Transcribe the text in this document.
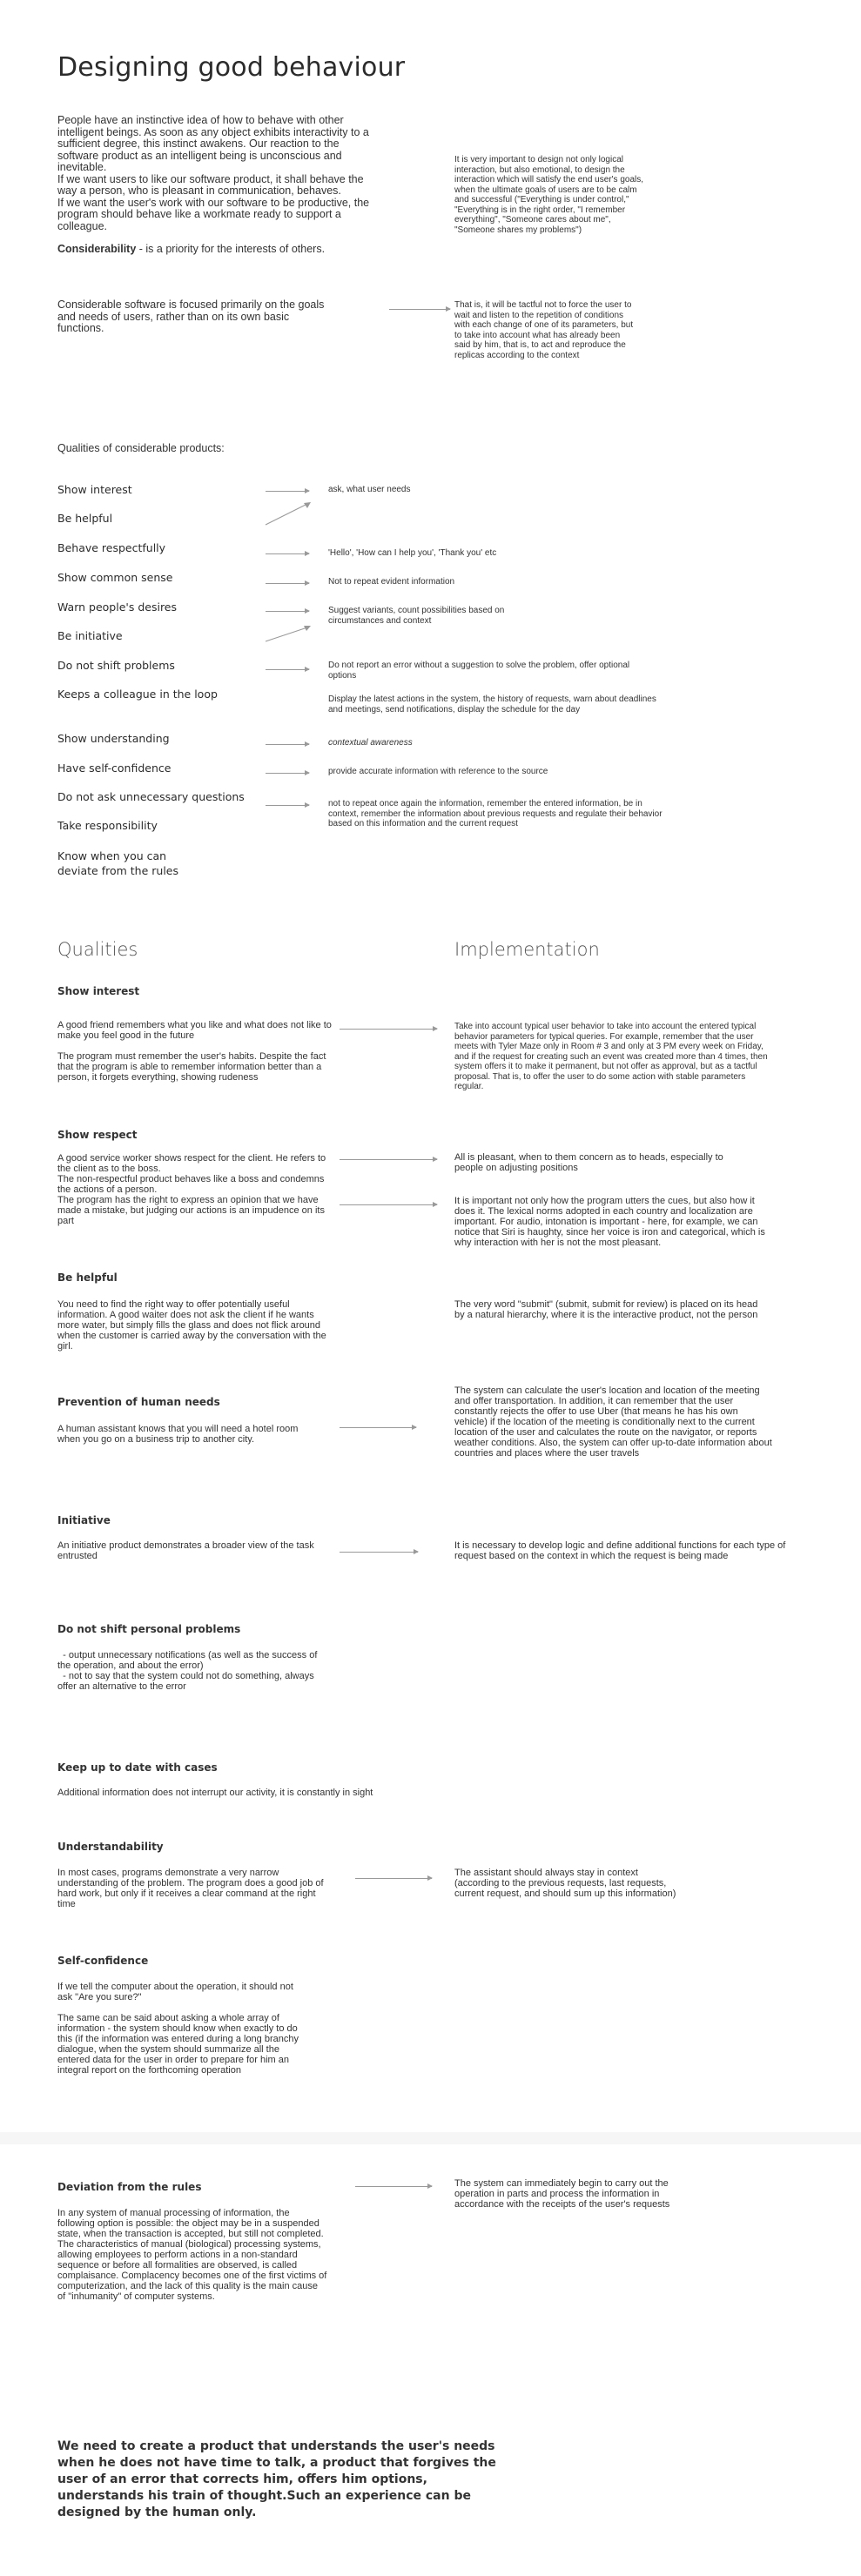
Designing good behaviour
People have an instinctive idea of how to behave with other intelligent beings. As soon as any object exhibits interactivity to a sufficient degree, this instinct awakens. Our reaction to the software product as an intelligent being is unconscious and inevitable.
If we want users to like our software product, it shall behave the way a person, who is pleasant in communication, behaves.
If we want the user's work with our software to be productive, the program should behave like a workmate ready to support a colleague.
Considerability - is a priority for the interests of others.
It is very important to design not only logical interaction, but also emotional, to design the interaction which will satisfy the end user's goals, when the ultimate goals of users are to be calm and successful ("Everything is under control," "Everything is in the right order, "I remember everything", "Someone cares about me", "Someone shares my problems")
Considerable software is focused primarily on the goals and needs of users, rather than on its own basic functions.
That is, it will be tactful not to force the user to wait and listen to the repetition of conditions with each change of one of its parameters, but to take into account what has already been said by him, that is, to act and reproduce the replicas according to the context
Qualities of considerable products:
Show interest
Be helpful
Behave respectfully
Show common sense
Warn people's desires
Be initiative
Do not shift problems
Keeps a colleague in the loop
Show understanding
Have self-confidence
Do not ask unnecessary questions
Take responsibility
Know when you can deviate from the rules
ask, what user needs
'Hello', 'How can I help you', 'Thank you' etc
Not to repeat evident information
Suggest variants, count possibilities based on circumstances and context
Do not report an error without a suggestion to solve the problem, offer optional options
Display the latest actions in the system, the history of requests, warn about deadlines and meetings, send notifications, display the schedule for the day
contextual awareness
provide accurate information with reference to the source
not to repeat once again the information, remember the entered information, be in context, remember the information about previous requests and regulate their behavior based on this information and the current request
Qualities	Implementation
Show interest
A good friend remembers what you like and what does not like to make you feel good in the future

The program must remember the user's habits. Despite the fact that the program is able to remember information better than a person, it forgets everything, showing rudeness
Take into account typical user behavior to take into account the entered typical behavior parameters for typical queries. For example, remember that the user meets with Tyler Maze only in Room # 3 and only at 3 PM every week on Friday, and if the request for creating such an event was created more than 4 times, then system offers it to make it permanent, but not offer as approval, but as a tactful proposal. That is, to offer the user to do some action with stable parameters regular.
Show respect
A good service worker shows respect for the client. He refers to the client as to the boss.
The non-respectful product behaves like a boss and condemns the actions of a person.
The program has the right to express an opinion that we have made a mistake, but judging our actions is an impudence on its part
All is pleasant, when to them concern as to heads, especially to people on adjusting positions
It is important not only how the program utters the cues, but also how it does it. The lexical norms adopted in each country and localization are important. For audio, intonation is important - here, for example, we can notice that Siri is haughty, since her voice is iron and categorical, which is why interaction with her is not the most pleasant.
Be helpful
You need to find the right way to offer potentially useful information. A good waiter does not ask the client if he wants more water, but simply fills the glass and does not flick around when the customer is carried away by the conversation with the girl.
The very word "submit" (submit, submit for review) is placed on its head by a natural hierarchy, where it is the interactive product, not the person
Prevention of human needs
A human assistant knows that you will need a hotel room when you go on a business trip to another city.
The system can calculate the user's location and location of the meeting and offer transportation. In addition, it can remember that the user constantly rejects the offer to use Uber (that means he has his own vehicle) if the location of the meeting is conditionally next to the current location of the user and calculates the route on the navigator, or reports weather conditions. Also, the system can offer up-to-date information about countries and places where the user travels
Initiative
An initiative product demonstrates a broader view of the task entrusted
It is necessary to develop logic and define additional functions for each type of request based on the context in which the request is being made
Do not shift personal problems
- output unnecessary notifications (as well as the success of the operation, and about the error)
- not to say that the system could not do something, always offer an alternative to the error
Keep up to date with cases
Additional information does not interrupt our activity, it is constantly in sight
Understandability
In most cases, programs demonstrate a very narrow understanding of the problem. The program does a good job of hard work, but only if it receives a clear command at the right time
The assistant should always stay in context (according to the previous requests, last requests, current request, and should sum up this information)
Self-confidence
If we tell the computer about the operation, it should not ask "Are you sure?"

The same can be said about asking a whole array of information - the system should know when exactly to do this (if the information was entered during a long branchy dialogue, when the system should summarize all the entered data for the user in order to prepare for him an integral report on the forthcoming operation
Deviation from the rules
In any system of manual processing of information, the following option is possible: the object may be in a suspended state, when the transaction is accepted, but still not completed. The characteristics of manual (biological) processing systems, allowing employees to perform actions in a non-standard sequence or before all formalities are observed, is called complaisance. Complacency becomes one of the first victims of computerization, and the lack of this quality is the main cause of "inhumanity" of computer systems.
The system can immediately begin to carry out the operation in parts and process the information in accordance with the receipts of the user's requests
We need to create a product that understands the user's needs when he does not have time to talk, a product that forgives the user of an error that corrects him, offers him options, understands his train of thought.Such an experience can be designed by the human only.
